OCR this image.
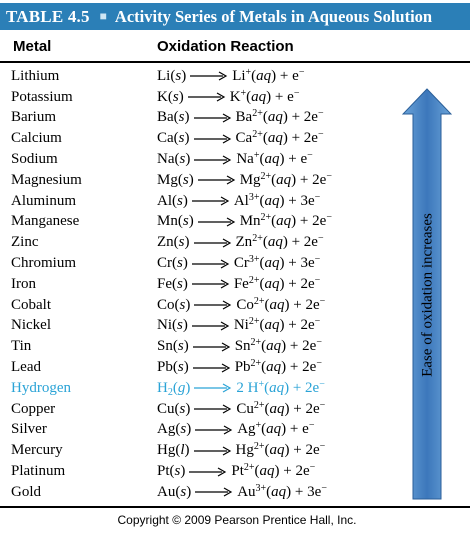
TABLE 4.5 ■ Activity Series of Metals in Aqueous Solution
Metal	Oxidation Reaction
Lithium	Li(s) → Li+(aq) + e−
Potassium	K(s) → K+(aq) + e−
Barium	$Ba(s) \to Ba^{2+}(aq) + 2e^-$
Calcium	$Ca(s) \to Ca^{2+}(aq) + 2e^-$
Sodium	Na(s) → Na+(aq) + e−
Magnesium	$Mg(s) \to Mg^{2+}(aq) + 2e^-$
Aluminum	$Al(s) \to Al^{3+}(aq) + 3e^-$
Manganese	$Mn(s) \to Mn^{2+}(aq) + 2e^-$
Zinc	$Zn(s) \to Zn^{2+}(aq) + 2e^-$
Chromium	$Cr(s) \to Cr^{3+}(aq) + 3e^-$
Iron	$Fe(s) \to Fe^{2+}(aq) + 2e^-$
Cobalt	$Co(s) \to Co^{2+}(aq) + 2e^-$
Nickel	$Ni(s) \to Ni^{2+}(aq) + 2e^-$
Tin	$Sn(s) \to Sn^{2+}(aq) + 2e^-$
Lead	$Pb(s) \to Pb^{2+}(aq) + 2e^-$
Hydrogen	$H_2(g) \to 2$ H+(aq) + 2e−
Copper	$Cu(s) \to Cu^{2+}(aq) + 2e^-$
Silver	Ag(s) → Ag+(aq) + e−
Mercury	$Hg(l) \to Hg^{2+}(aq) + 2e^-$
Platinum	$Pt(s) \to Pt^{2+}(aq) + 2e^-$
Gold	$Au(s) \to Au^{3+}(aq) + 3e^-$
Ease of oxidation increases
Copyright © 2009 Pearson Prentice Hall, Inc.
